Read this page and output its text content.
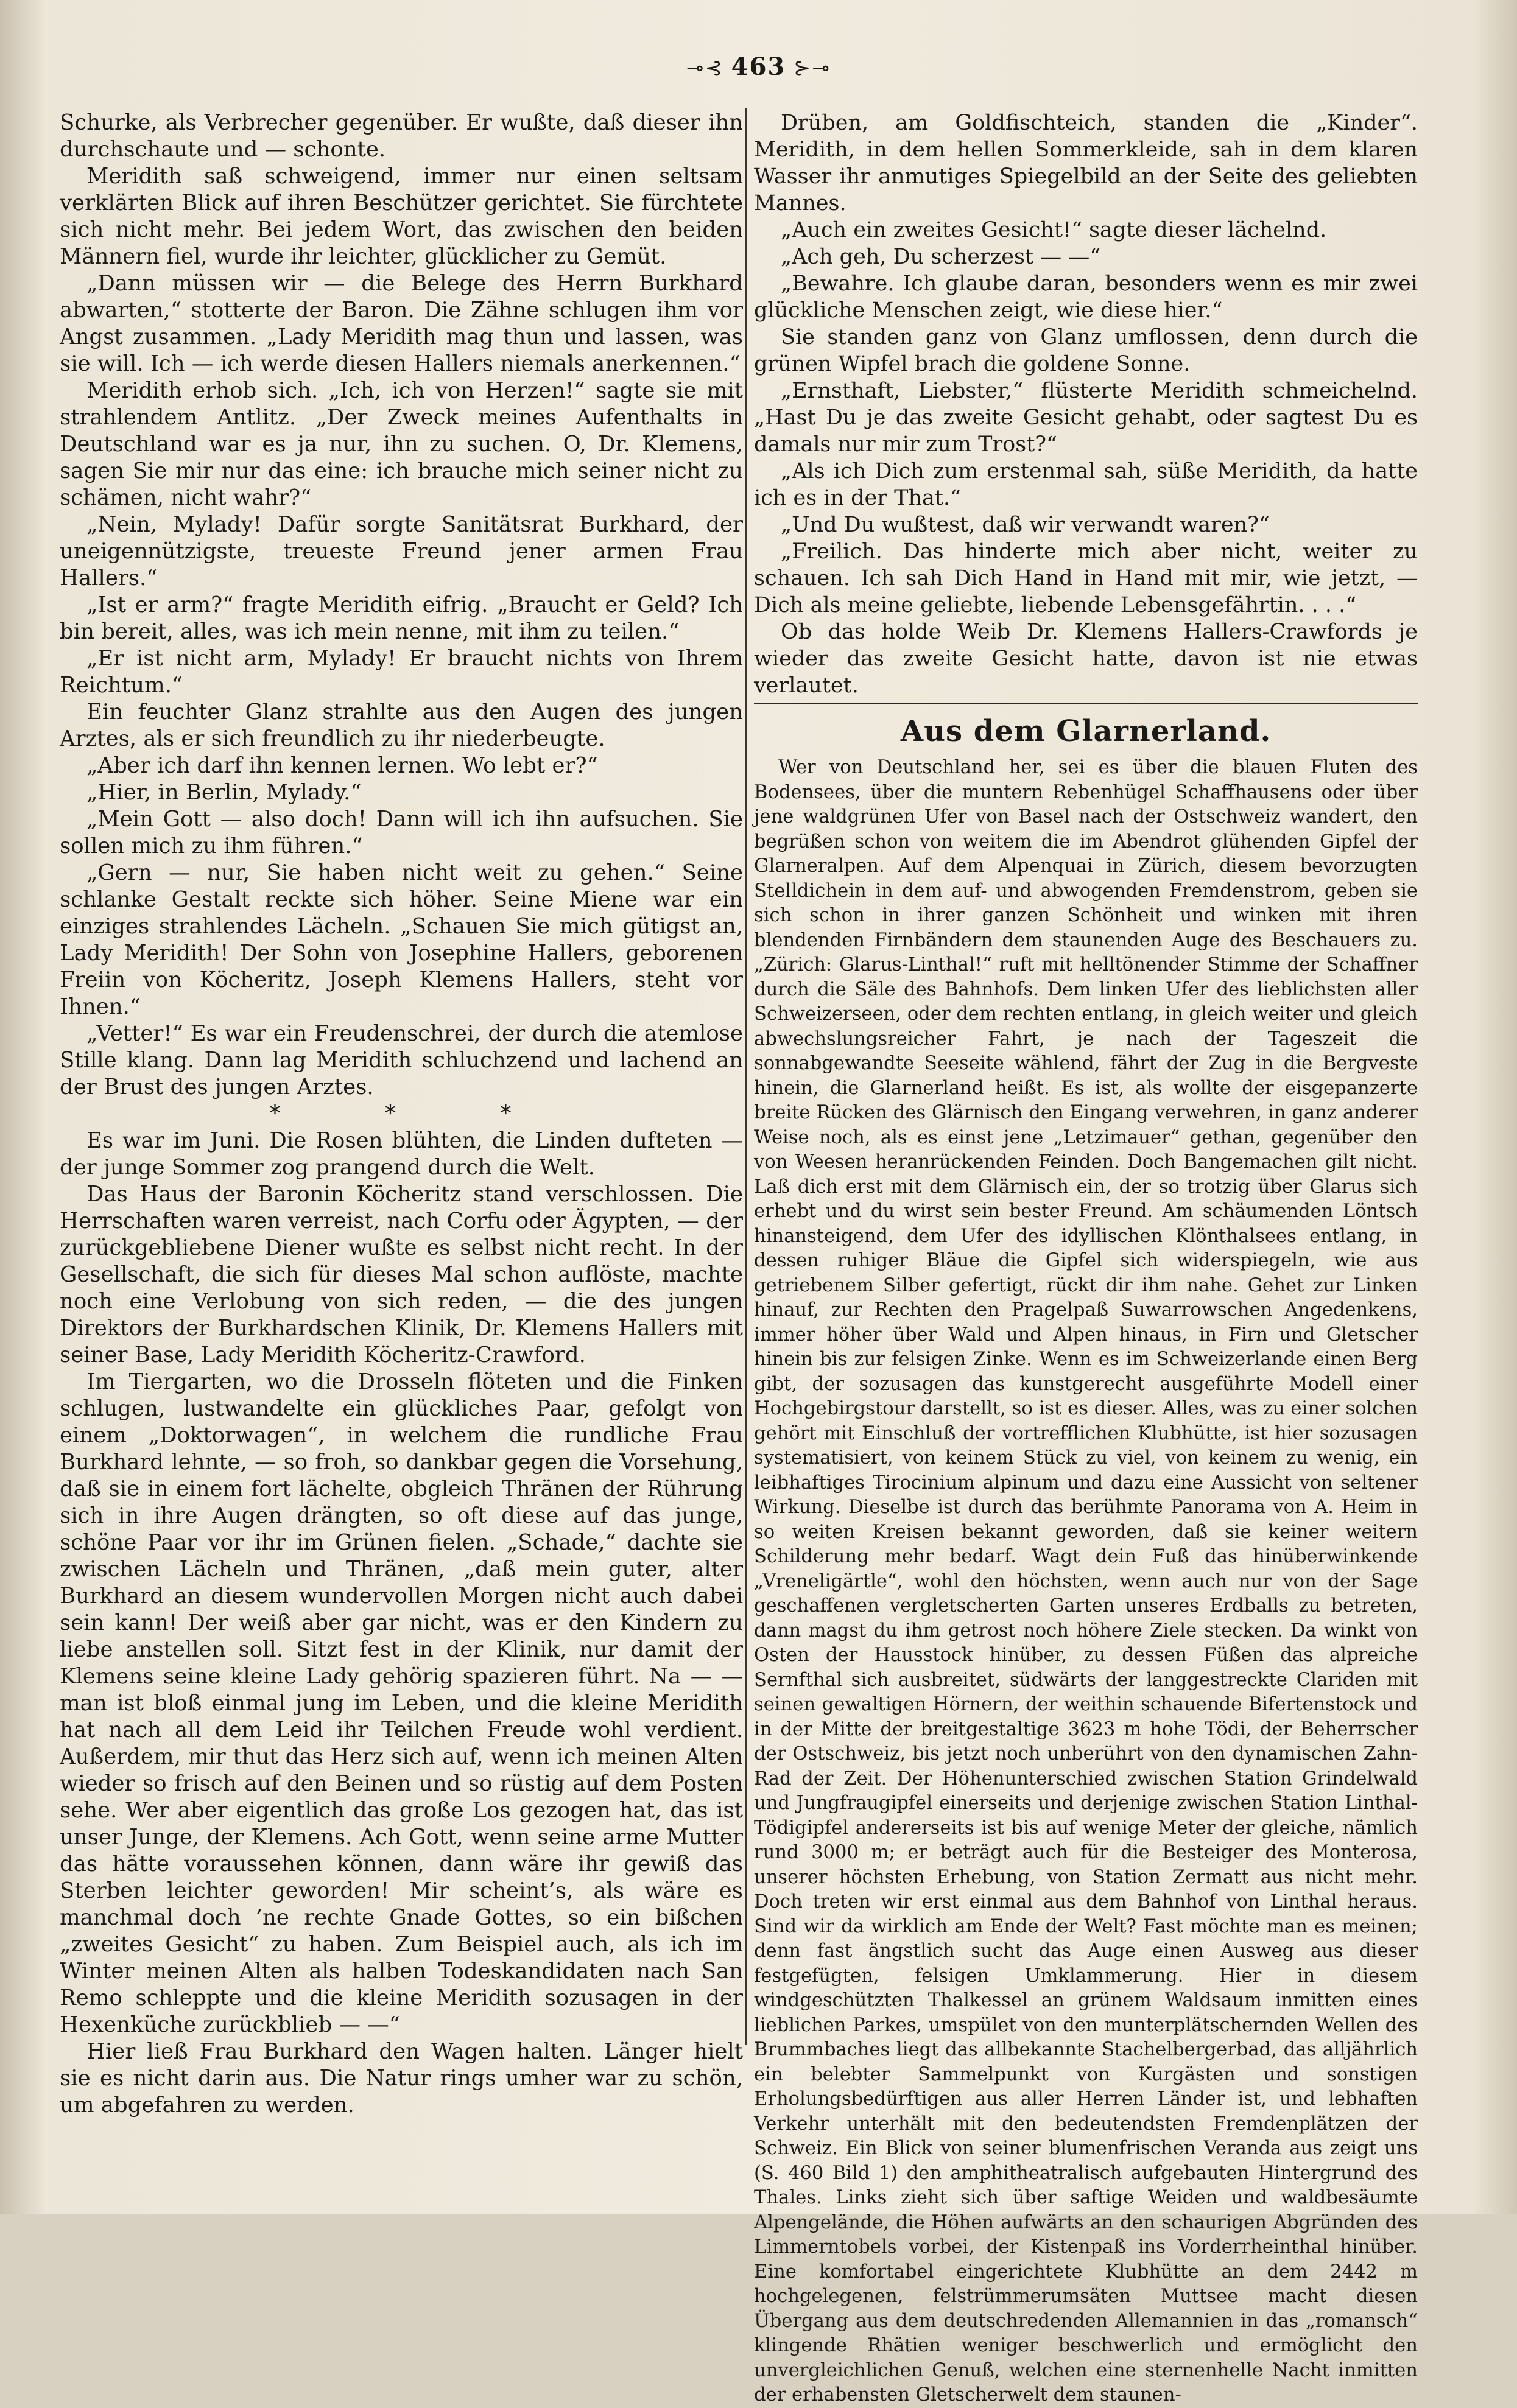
⊸⊰ 463 ⊱⊸

Schurke, als Verbrecher gegenüber. Er wußte, daß dieser ihn durchschaute und — schonte.

Meridith saß schweigend, immer nur einen seltsam verklärten Blick auf ihren Beschützer gerichtet. Sie fürchtete sich nicht mehr. Bei jedem Wort, das zwischen den beiden Männern fiel, wurde ihr leichter, glücklicher zu Gemüt.

„Dann müssen wir — die Belege des Herrn Burkhard abwarten,“ stotterte der Baron. Die Zähne schlugen ihm vor Angst zusammen. „Lady Meridith mag thun und lassen, was sie will. Ich — ich werde diesen Hallers niemals anerkennen.“

Meridith erhob sich. „Ich, ich von Herzen!“ sagte sie mit strahlendem Antlitz. „Der Zweck meines Aufenthalts in Deutschland war es ja nur, ihn zu suchen. O, Dr. Klemens, sagen Sie mir nur das eine: ich brauche mich seiner nicht zu schämen, nicht wahr?“

„Nein, Mylady! Dafür sorgte Sanitätsrat Burkhard, der uneigennützigste, treueste Freund jener armen Frau Hallers.“

„Ist er arm?“ fragte Meridith eifrig. „Braucht er Geld? Ich bin bereit, alles, was ich mein nenne, mit ihm zu teilen.“

„Er ist nicht arm, Mylady! Er braucht nichts von Ihrem Reichtum.“

Ein feuchter Glanz strahlte aus den Augen des jungen Arztes, als er sich freundlich zu ihr niederbeugte.

„Aber ich darf ihn kennen lernen. Wo lebt er?“

„Hier, in Berlin, Mylady.“

„Mein Gott — also doch! Dann will ich ihn aufsuchen. Sie sollen mich zu ihm führen.“

„Gern — nur, Sie haben nicht weit zu gehen.“ Seine schlanke Gestalt reckte sich höher. Seine Miene war ein einziges strahlendes Lächeln. „Schauen Sie mich gütigst an, Lady Meridith! Der Sohn von Josephine Hallers, geborenen Freiin von Köcheritz, Joseph Klemens Hallers, steht vor Ihnen.“

„Vetter!“ Es war ein Freudenschrei, der durch die atemlose Stille klang. Dann lag Meridith schluchzend und lachend an der Brust des jungen Arztes.

* * *

Es war im Juni. Die Rosen blühten, die Linden dufteten — der junge Sommer zog prangend durch die Welt.

Das Haus der Baronin Köcheritz stand verschlossen. Die Herrschaften waren verreist, nach Corfu oder Ägypten, — der zurückgebliebene Diener wußte es selbst nicht recht. In der Gesellschaft, die sich für dieses Mal schon auflöste, machte noch eine Verlobung von sich reden, — die des jungen Direktors der Burkhardschen Klinik, Dr. Klemens Hallers mit seiner Base, Lady Meridith Köcheritz-Crawford.

Im Tiergarten, wo die Drosseln flöteten und die Finken schlugen, lustwandelte ein glückliches Paar, gefolgt von einem „Doktorwagen“, in welchem die rundliche Frau Burkhard lehnte, — so froh, so dankbar gegen die Vorsehung, daß sie in einem fort lächelte, obgleich Thränen der Rührung sich in ihre Augen drängten, so oft diese auf das junge, schöne Paar vor ihr im Grünen fielen. „Schade,“ dachte sie zwischen Lächeln und Thränen, „daß mein guter, alter Burkhard an diesem wundervollen Morgen nicht auch dabei sein kann! Der weiß aber gar nicht, was er den Kindern zu liebe anstellen soll. Sitzt fest in der Klinik, nur damit der Klemens seine kleine Lady gehörig spazieren führt. Na — — man ist bloß einmal jung im Leben, und die kleine Meridith hat nach all dem Leid ihr Teilchen Freude wohl verdient. Außerdem, mir thut das Herz sich auf, wenn ich meinen Alten wieder so frisch auf den Beinen und so rüstig auf dem Posten sehe. Wer aber eigentlich das große Los gezogen hat, das ist unser Junge, der Klemens. Ach Gott, wenn seine arme Mutter das hätte voraussehen können, dann wäre ihr gewiß das Sterben leichter geworden! Mir scheint’s, als wäre es manchmal doch ’ne rechte Gnade Gottes, so ein bißchen „zweites Gesicht“ zu haben. Zum Beispiel auch, als ich im Winter meinen Alten als halben Todeskandidaten nach San Remo schleppte und die kleine Meridith sozusagen in der Hexenküche zurückblieb — —“

Hier ließ Frau Burkhard den Wagen halten. Länger hielt sie es nicht darin aus. Die Natur rings umher war zu schön, um abgefahren zu werden.

Drüben, am Goldfischteich, standen die „Kinder“. Meridith, in dem hellen Sommerkleide, sah in dem klaren Wasser ihr anmutiges Spiegelbild an der Seite des geliebten Mannes.

„Auch ein zweites Gesicht!“ sagte dieser lächelnd.

„Ach geh, Du scherzest — —“

„Bewahre. Ich glaube daran, besonders wenn es mir zwei glückliche Menschen zeigt, wie diese hier.“

Sie standen ganz von Glanz umflossen, denn durch die grünen Wipfel brach die goldene Sonne.

„Ernsthaft, Liebster,“ flüsterte Meridith schmeichelnd. „Hast Du je das zweite Gesicht gehabt, oder sagtest Du es damals nur mir zum Trost?“

„Als ich Dich zum erstenmal sah, süße Meridith, da hatte ich es in der That.“

„Und Du wußtest, daß wir verwandt waren?“

„Freilich. Das hinderte mich aber nicht, weiter zu schauen. Ich sah Dich Hand in Hand mit mir, wie jetzt, — Dich als meine geliebte, liebende Lebensgefährtin. . . .“

Ob das holde Weib Dr. Klemens Hallers-Crawfords je wieder das zweite Gesicht hatte, davon ist nie etwas verlautet.

Aus dem Glarnerland.

Wer von Deutschland her, sei es über die blauen Fluten des Bodensees, über die muntern Rebenhügel Schaffhausens oder über jene waldgrünen Ufer von Basel nach der Ostschweiz wandert, den begrüßen schon von weitem die im Abendrot glühenden Gipfel der Glarneralpen. Auf dem Alpenquai in Zürich, diesem bevorzugten Stelldichein in dem auf- und abwogenden Fremdenstrom, geben sie sich schon in ihrer ganzen Schönheit und winken mit ihren blendenden Firnbändern dem staunenden Auge des Beschauers zu. „Zürich: Glarus-Linthal!“ ruft mit helltönender Stimme der Schaffner durch die Säle des Bahnhofs. Dem linken Ufer des lieblichsten aller Schweizerseen, oder dem rechten entlang, in gleich weiter und gleich abwechslungsreicher Fahrt, je nach der Tageszeit die sonnabgewandte Seeseite wählend, fährt der Zug in die Bergveste hinein, die Glarnerland heißt. Es ist, als wollte der eisgepanzerte breite Rücken des Glärnisch den Eingang verwehren, in ganz anderer Weise noch, als es einst jene „Letzimauer“ gethan, gegenüber den von Weesen heranrückenden Feinden. Doch Bangemachen gilt nicht. Laß dich erst mit dem Glärnisch ein, der so trotzig über Glarus sich erhebt und du wirst sein bester Freund. Am schäumenden Löntsch hinansteigend, dem Ufer des idyllischen Klönthalsees entlang, in dessen ruhiger Bläue die Gipfel sich widerspiegeln, wie aus getriebenem Silber gefertigt, rückt dir ihm nahe. Gehet zur Linken hinauf, zur Rechten den Pragelpaß Suwarrowschen Angedenkens, immer höher über Wald und Alpen hinaus, in Firn und Gletscher hinein bis zur felsigen Zinke. Wenn es im Schweizerlande einen Berg gibt, der sozusagen das kunstgerecht ausgeführte Modell einer Hochgebirgstour darstellt, so ist es dieser. Alles, was zu einer solchen gehört mit Einschluß der vortrefflichen Klubhütte, ist hier sozusagen systematisiert, von keinem Stück zu viel, von keinem zu wenig, ein leibhaftiges Tirocinium alpinum und dazu eine Aussicht von seltener Wirkung. Dieselbe ist durch das berühmte Panorama von A. Heim in so weiten Kreisen bekannt geworden, daß sie keiner weitern Schilderung mehr bedarf. Wagt dein Fuß das hinüberwinkende „Vreneligärtle“, wohl den höchsten, wenn auch nur von der Sage geschaffenen vergletscherten Garten unseres Erdballs zu betreten, dann magst du ihm getrost noch höhere Ziele stecken. Da winkt von Osten der Hausstock hinüber, zu dessen Füßen das alpreiche Sernfthal sich ausbreitet, südwärts der langgestreckte Clariden mit seinen gewaltigen Hörnern, der weithin schauende Bifertenstock und in der Mitte der breitgestaltige 3623 m hohe Tödi, der Beherrscher der Ostschweiz, bis jetzt noch unberührt von den dynamischen Zahn-Rad der Zeit. Der Höhenunterschied zwischen Station Grindelwald und Jungfraugipfel einerseits und derjenige zwischen Station Linthal-Tödigipfel andererseits ist bis auf wenige Meter der gleiche, nämlich rund 3000 m; er beträgt auch für die Besteiger des Monterosa, unserer höchsten Erhebung, von Station Zermatt aus nicht mehr. Doch treten wir erst einmal aus dem Bahnhof von Linthal heraus. Sind wir da wirklich am Ende der Welt? Fast möchte man es meinen; denn fast ängstlich sucht das Auge einen Ausweg aus dieser festgefügten, felsigen Umklammerung. Hier in diesem windgeschützten Thalkessel an grünem Waldsaum inmitten eines lieblichen Parkes, umspület von den munterplätschernden Wellen des Brummbaches liegt das allbekannte Stachelbergerbad, das alljährlich ein belebter Sammelpunkt von Kurgästen und sonstigen Erholungsbedürftigen aus aller Herren Länder ist, und lebhaften Verkehr unterhält mit den bedeutendsten Fremdenplätzen der Schweiz. Ein Blick von seiner blumenfrischen Veranda aus zeigt uns (S. 460 Bild 1) den amphitheatralisch aufgebauten Hintergrund des Thales. Links zieht sich über saftige Weiden und waldbesäumte Alpengelände, die Höhen aufwärts an den schaurigen Abgründen des Limmerntobels vorbei, der Kistenpaß ins Vorderrheinthal hinüber. Eine komfortabel eingerichtete Klubhütte an dem 2442 m hochgelegenen, felstrümmerumsäten Muttsee macht diesen Übergang aus dem deutschredenden Allemannien in das „romansch“ klingende Rhätien weniger beschwerlich und ermöglicht den unvergleichlichen Genuß, welchen eine sternenhelle Nacht inmitten der erhabensten Gletscherwelt dem staunen-
